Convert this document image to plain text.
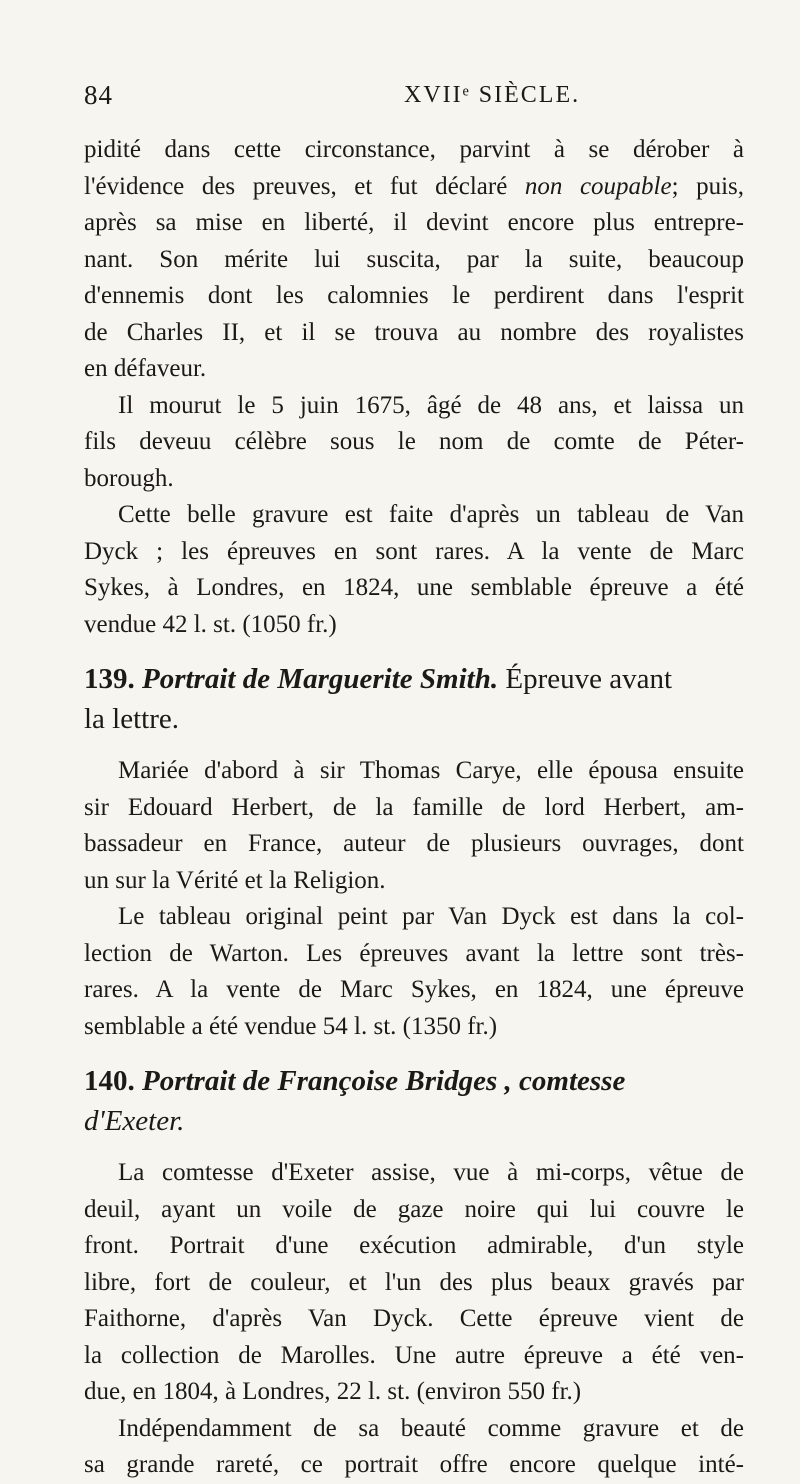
84	XVIIᵉ SIÈCLE.
pidité dans cette circonstance, parvint à se dérober à
l'évidence des preuves, et fut déclaré non coupable; puis,
après sa mise en liberté, il devint encore plus entrepre-
nant. Son mérite lui suscita, par la suite, beaucoup
d'ennemis dont les calomnies le perdirent dans l'esprit
de Charles II, et il se trouva au nombre des royalistes
en défaveur.
Il mourut le 5 juin 1675, âgé de 48 ans, et laissa un
fils deveuu célèbre sous le nom de comte de Péter-
borough.
Cette belle gravure est faite d'après un tableau de Van
Dyck ; les épreuves en sont rares. A la vente de Marc
Sykes, à Londres, en 1824, une semblable épreuve a été
vendue 42 l. st. (1050 fr.)
139. Portrait de Marguerite Smith. Épreuve avant
la lettre.
Mariée d'abord à sir Thomas Carye, elle épousa ensuite
sir Edouard Herbert, de la famille de lord Herbert, am-
bassadeur en France, auteur de plusieurs ouvrages, dont
un sur la Vérité et la Religion.
Le tableau original peint par Van Dyck est dans la col-
lection de Warton. Les épreuves avant la lettre sont très-
rares. A la vente de Marc Sykes, en 1824, une épreuve
semblable a été vendue 54 l. st. (1350 fr.)
140. Portrait de Françoise Bridges , comtesse
d'Exeter.
La comtesse d'Exeter assise, vue à mi-corps, vêtue de
deuil, ayant un voile de gaze noire qui lui couvre le
front. Portrait d'une exécution admirable, d'un style
libre, fort de couleur, et l'un des plus beaux gravés par
Faithorne, d'après Van Dyck. Cette épreuve vient de
la collection de Marolles. Une autre épreuve a été ven-
due, en 1804, à Londres, 22 l. st. (environ 550 fr.)
Indépendamment de sa beauté comme gravure et de
sa grande rareté, ce portrait offre encore quelque inté-
